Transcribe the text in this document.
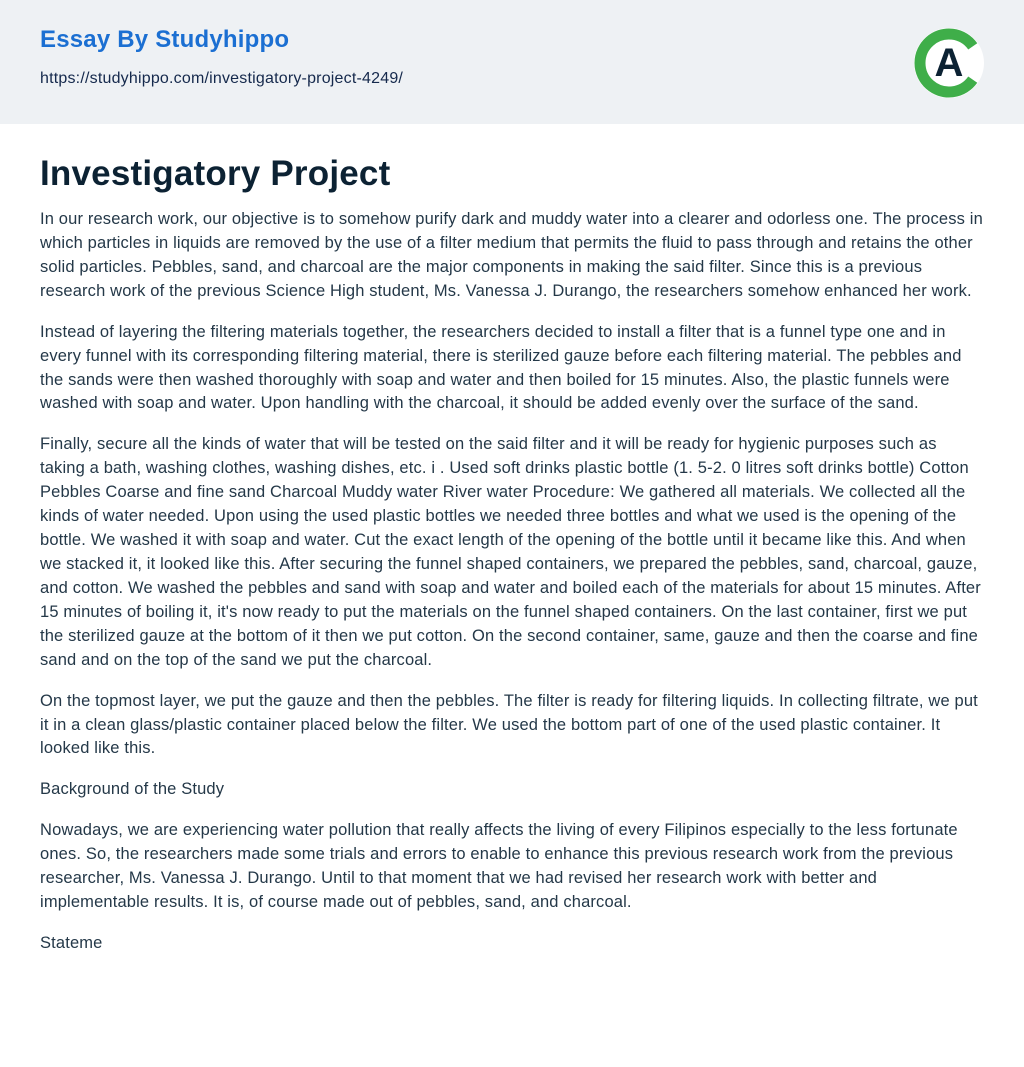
Essay By Studyhippo
https://studyhippo.com/investigatory-project-4249/	A
Investigatory Project

In our research work, our objective is to somehow purify dark and muddy water into a clearer and odorless one. The process in which particles in liquids are removed by the use of a filter medium that permits the fluid to pass through and retains the other solid particles. Pebbles, sand, and charcoal are the major components in making the said filter. Since this is a previous research work of the previous Science High student, Ms. Vanessa J. Durango, the researchers somehow enhanced her work.

Instead of layering the filtering materials together, the researchers decided to install a filter that is a funnel type one and in every funnel with its corresponding filtering material, there is sterilized gauze before each filtering material. The pebbles and the sands were then washed thoroughly with soap and water and then boiled for 15 minutes. Also, the plastic funnels were washed with soap and water. Upon handling with the charcoal, it should be added evenly over the surface of the sand.

Finally, secure all the kinds of water that will be tested on the said filter and it will be ready for hygienic purposes such as taking a bath, washing clothes, washing dishes, etc. i . Used soft drinks plastic bottle (1. 5-2. 0 litres soft drinks bottle) Cotton Pebbles Coarse and fine sand Charcoal Muddy water River water Procedure: We gathered all materials. We collected all the kinds of water needed. Upon using the used plastic bottles we needed three bottles and what we used is the opening of the bottle. We washed it with soap and water. Cut the exact length of the opening of the bottle until it became like this. And when we stacked it, it looked like this. After securing the funnel shaped containers, we prepared the pebbles, sand, charcoal, gauze, and cotton. We washed the pebbles and sand with soap and water and boiled each of the materials for about 15 minutes. After 15 minutes of boiling it, it's now ready to put the materials on the funnel shaped containers. On the last container, first we put the sterilized gauze at the bottom of it then we put cotton. On the second container, same, gauze and then the coarse and fine sand and on the top of the sand we put the charcoal.

On the topmost layer, we put the gauze and then the pebbles. The filter is ready for filtering liquids. In collecting filtrate, we put it in a clean glass/plastic container placed below the filter. We used the bottom part of one of the used plastic container. It looked like this.

Background of the Study

Nowadays, we are experiencing water pollution that really affects the living of every Filipinos especially to the less fortunate ones. So, the researchers made some trials and errors to enable to enhance this previous research work from the previous researcher, Ms. Vanessa J. Durango. Until to that moment that we had revised her research work with better and implementable results. It is, of course made out of pebbles, sand, and charcoal.

Stateme
